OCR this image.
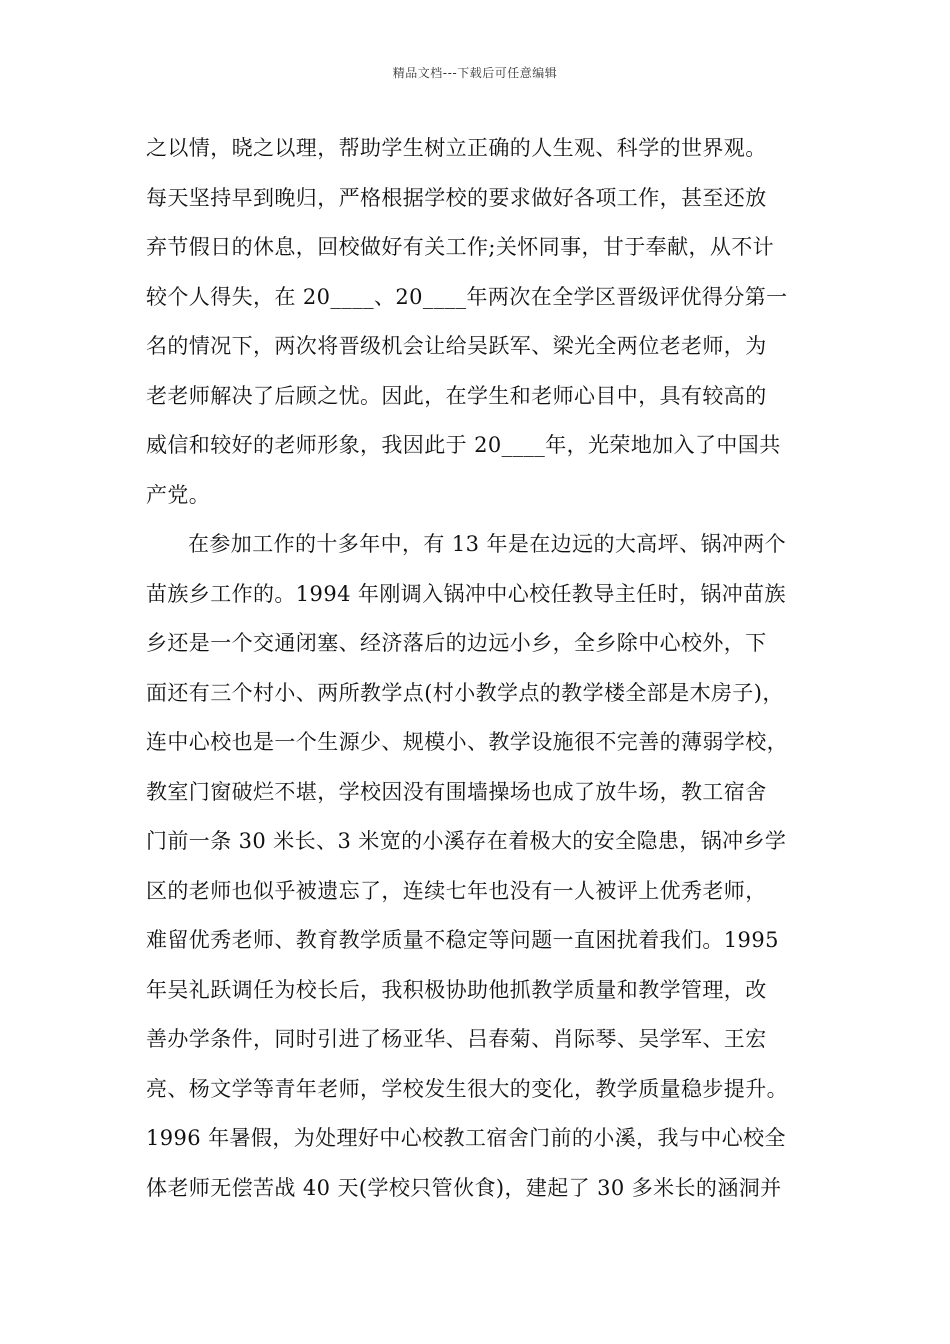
精品文档---下载后可任意编辑
之以情，晓之以理，帮助学生树立正确的人生观、科学的世界观。
每天坚持早到晚归，严格根据学校的要求做好各项工作，甚至还放
弃节假日的休息，回校做好有关工作;关怀同事，甘于奉献，从不计
较个人得失，在 20____、20____年两次在全学区晋级评优得分第一
名的情况下，两次将晋级机会让给吴跃军、梁光全两位老老师，为
老老师解决了后顾之忧。因此，在学生和老师心目中，具有较高的
威信和较好的老师形象，我因此于 20____年，光荣地加入了中国共
产党。
在参加工作的十多年中，有 13 年是在边远的大高坪、锅冲两个
苗族乡工作的。1994 年刚调入锅冲中心校任教导主任时，锅冲苗族
乡还是一个交通闭塞、经济落后的边远小乡，全乡除中心校外，下
面还有三个村小、两所教学点(村小教学点的教学楼全部是木房子)，
连中心校也是一个生源少、规模小、教学设施很不完善的薄弱学校，
教室门窗破烂不堪，学校因没有围墙操场也成了放牛场，教工宿舍
门前一条 30 米长、3 米宽的小溪存在着极大的安全隐患，锅冲乡学
区的老师也似乎被遗忘了，连续七年也没有一人被评上优秀老师，
难留优秀老师、教育教学质量不稳定等问题一直困扰着我们。1995
年吴礼跃调任为校长后，我积极协助他抓教学质量和教学管理，改
善办学条件，同时引进了杨亚华、吕春菊、肖际琴、吴学军、王宏
亮、杨文学等青年老师，学校发生很大的变化，教学质量稳步提升。
1996 年暑假，为处理好中心校教工宿舍门前的小溪，我与中心校全
体老师无偿苦战 40 天(学校只管伙食)，建起了 30 多米长的涵洞并
